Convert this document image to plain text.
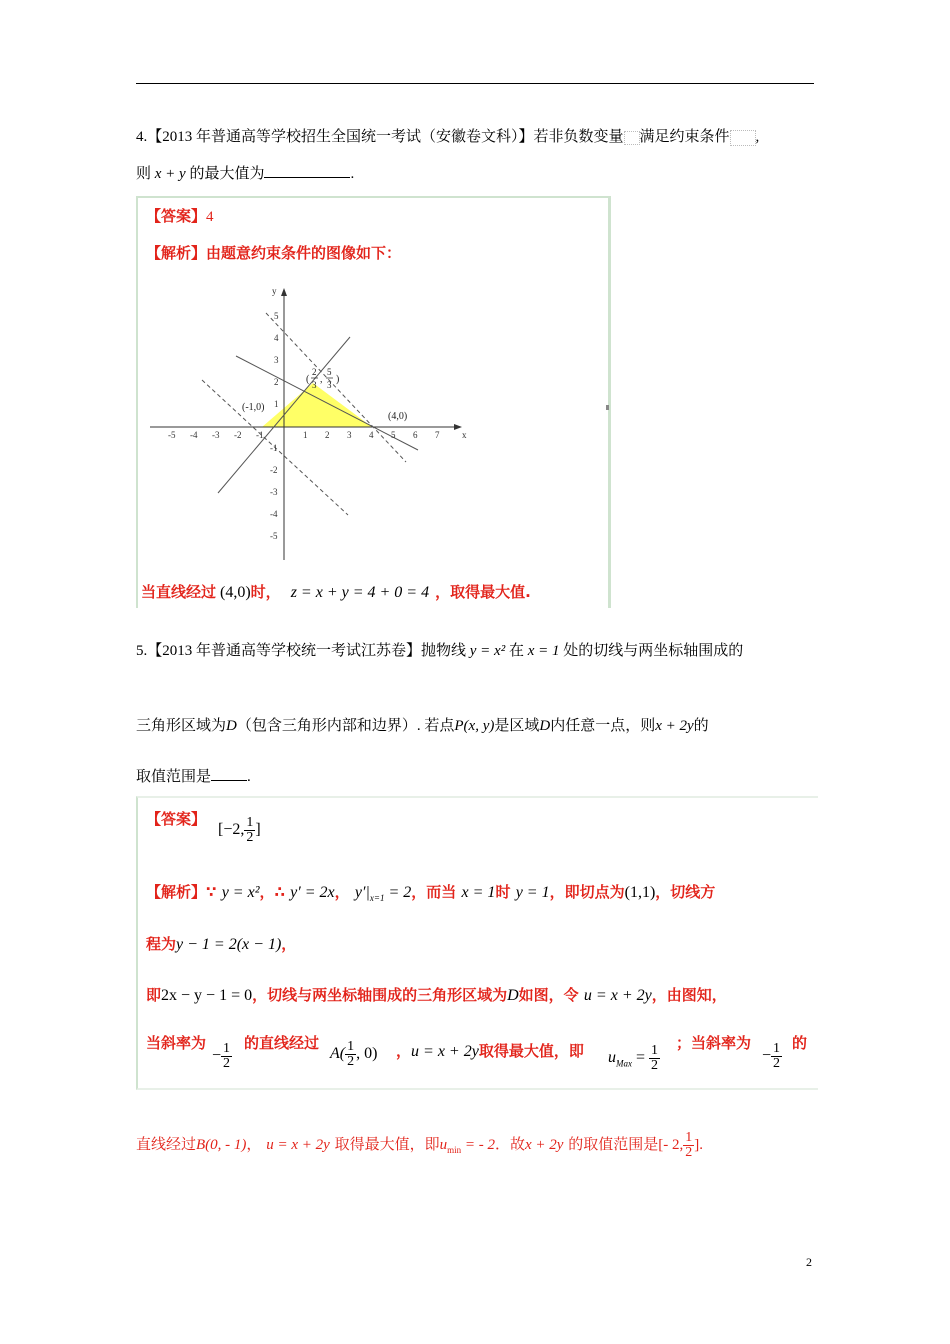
4.【2013 年普通高等学校招生全国统一考试（安徽卷文科）】若非负数变量 满足约束条件 ,
则 x + y 的最大值为	.
【答案】4
【解析】由题意约束条件的图像如下：
-5 -4 -3 -2 -1	1 2 3 4 5 6 7	x
5
4
3
2
1
-1
-2
-3
-4
-5
y
(-1,0)
(4,0)
(
2
3 ,
5
3 )
当直线经过 (4,0)时， z = x + y = 4 + 0 = 4 ，取得最大值.
5.【2013 年普通高等学校统一考试江苏卷】抛物线 y = x² 在 x = 1 处的切线与两坐标轴围成的
三角形区域为D（包含三角形内部和边界）. 若点P(x, y)是区域D内任意一点，则x + 2y的
取值范围是 .
【答案】
[−2, $\frac{1}{2}$ ]
【解析】∵ y = x²，∴ y′ = 2x， $y'|_{x=1} = 2$，而当 x = 1时 y = 1，即切点为(1,1)，切线方
程为y − 1 = 2(x − 1)，
即2x − y − 1 = 0，切线与两坐标轴围成的三角形区域为D如图，令 u = x + 2y，由图知，
当斜率为
− $\frac{1}{2}$ 的直线经过
$A( \frac{1}{2}$ , 0) ，u = x + 2y取得最大值，即 $u_{Max} = \frac{1}{2}$
；当斜率为
− $\frac{1}{2}$ 的
直线经过B(0, - 1)， u = x + 2y 取得最大值，即$u_{min}$ = - 2．故x + 2y 的取值范围是[- 2, $\frac{1}{2}$ ].
2
